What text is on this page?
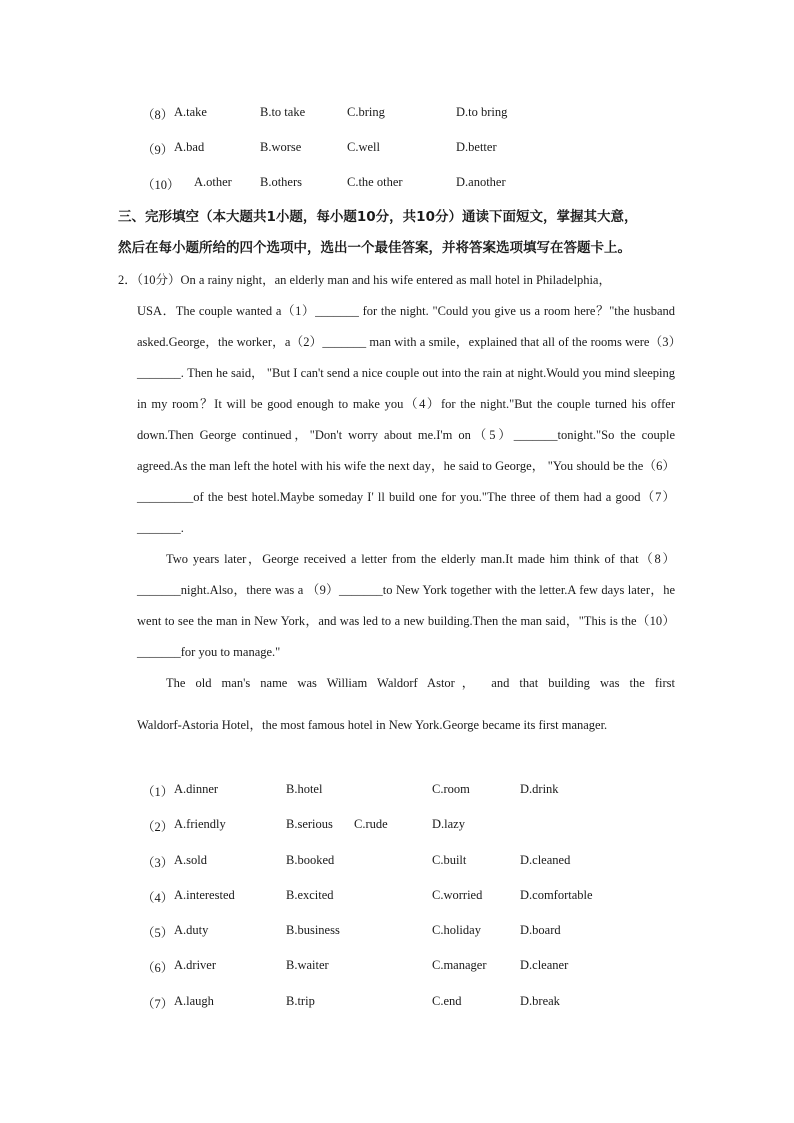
（8） A.take	B.to take	C.bring	D.to bring
（9） A.bad	B.worse	C.well	D.better
（10） A.other B.others	C.the other	D.another
三、完形填空（本大题共1小题，每小题10分，共10分）通读下面短文，掌握其大意，
然后在每小题所给的四个选项中，选出一个最佳答案，并将答案选项填写在答题卡上。
2．（10分）On a rainy night，an elderly man and his wife entered as mall hotel in Philadelphia，

USA．The couple wanted a（1）_______ for the night. "Could you give us a room here？"the husband asked.George，the worker，a（2）_______ man with a smile，explained that all of the rooms were（3）_______. Then he said， "But I can't send a nice couple out into the rain at night.Would you mind sleeping in my room？It will be good enough to make you（4）for the night."But the couple turned his offer down.Then George continued，"Don't worry about me.I'm on（5）_______tonight."So the couple agreed.As the man left the hotel with his wife the next day，he said to George， "You should be the（6）_________of the best hotel.Maybe someday I' ll build one for you."The three of them had a good（7）_______.

Two years later，George received a letter from the elderly man.It made him think of that（8）_______night.Also，there was a （9）_______to New York together with the letter.A few days later，he went to see the man in New York，and was led to a new building.Then the man said，"This is the（10）_______for you to manage."

The old man's name was William Waldorf Astor， and that building was the first

Waldorf-Astoria Hotel，the most famous hotel in New York.George became its first manager.
（1） A.dinner	B.hotel	C.room	D.drink
（2） A.friendly	B.serious C.rude	D.lazy
（3） A.sold	B.booked	C.built	D.cleaned
（4） A.interested	B.excited	C.worried	D.comfortable
（5） A.duty	B.business	C.holiday	D.board
（6） A.driver	B.waiter	C.manager	D.cleaner
（7） A.laugh	B.trip	C.end	D.break
